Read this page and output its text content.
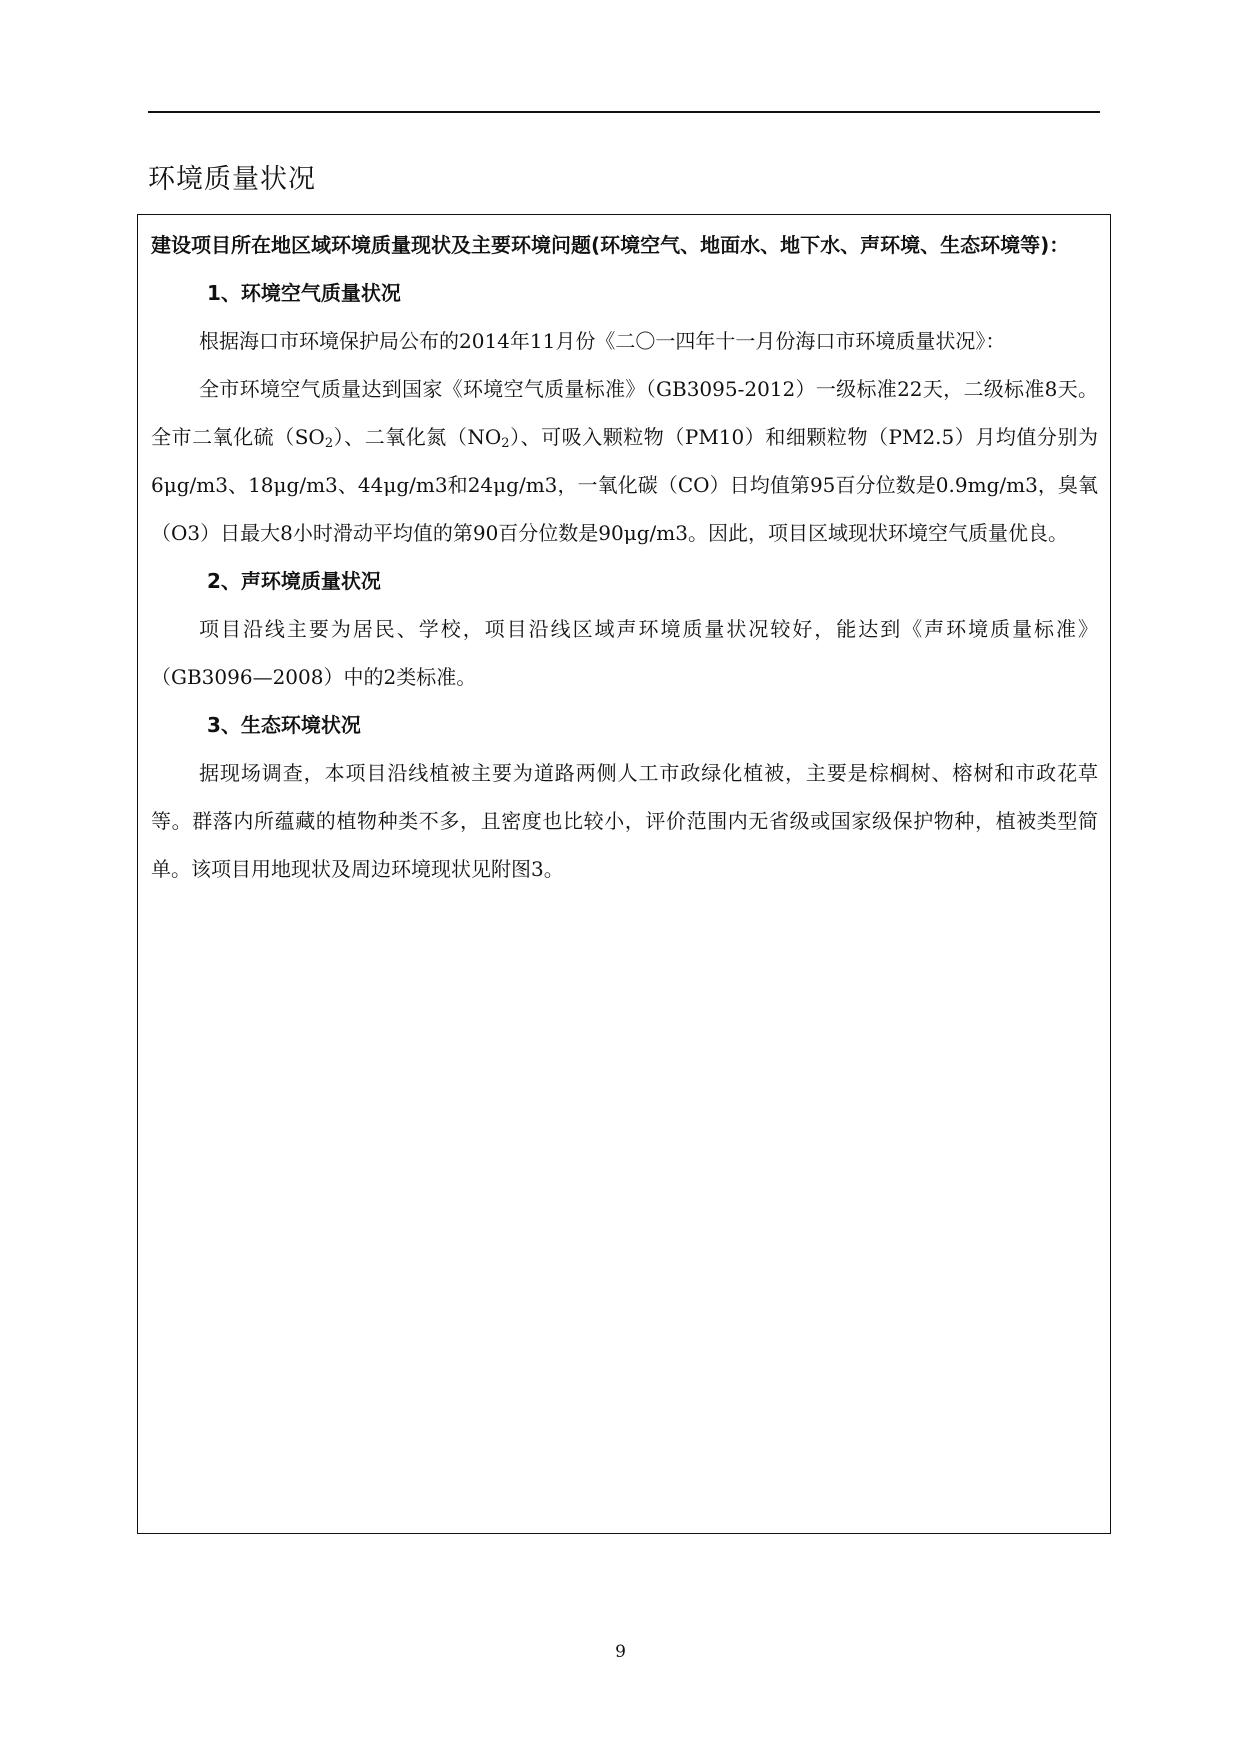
环境质量状况

建设项目所在地区域环境质量现状及主要环境问题(环境空气、地面水、地下水、声环境、生态环境等)：

1、环境空气质量状况

根据海口市环境保护局公布的2014年11月份《二〇一四年十一月份海口市环境质量状况》：

全市环境空气质量达到国家《环境空气质量标准》（GB3095-2012）一级标准22天，二级标准8天。全市二氧化硫$(SO_2)$、二氧化氮$(NO_2)$、可吸入颗粒物（PM10）和细颗粒物（PM2.5）月均值分别为6μg/m3、18μg/m3、44μg/m3和24μg/m3，一氧化碳（CO）日均值第95百分位数是0.9mg/m3，臭氧（O3）日最大8小时滑动平均值的第90百分位数是90μg/m3。因此，项目区域现状环境空气质量优良。

2、声环境质量状况

项目沿线主要为居民、学校，项目沿线区域声环境质量状况较好，能达到《声环境质量标准》（GB3096—2008）中的2类标准。

3、生态环境状况

据现场调查，本项目沿线植被主要为道路两侧人工市政绿化植被，主要是棕榈树、榕树和市政花草等。群落内所蕴藏的植物种类不多，且密度也比较小，评价范围内无省级或国家级保护物种，植被类型简单。该项目用地现状及周边环境现状见附图3。

9
